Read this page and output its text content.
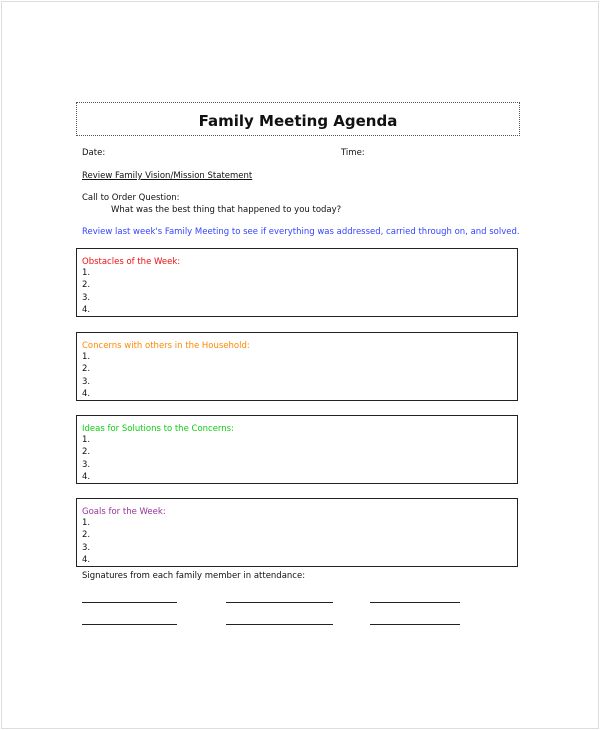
Family Meeting Agenda
Date:	Time:
Review Family Vision/Mission Statement
Call to Order Question:
What was the best thing that happened to you today?
Review last week's Family Meeting to see if everything was addressed, carried through on, and solved.
Obstacles of the Week:
1.
2.
3.
4.
Concerns with others in the Household:
1.
2.
3.
4.
Ideas for Solutions to the Concerns:
1.
2.
3.
4.
Goals for the Week:
1.
2.
3.
4.
Signatures from each family member in attendance:
